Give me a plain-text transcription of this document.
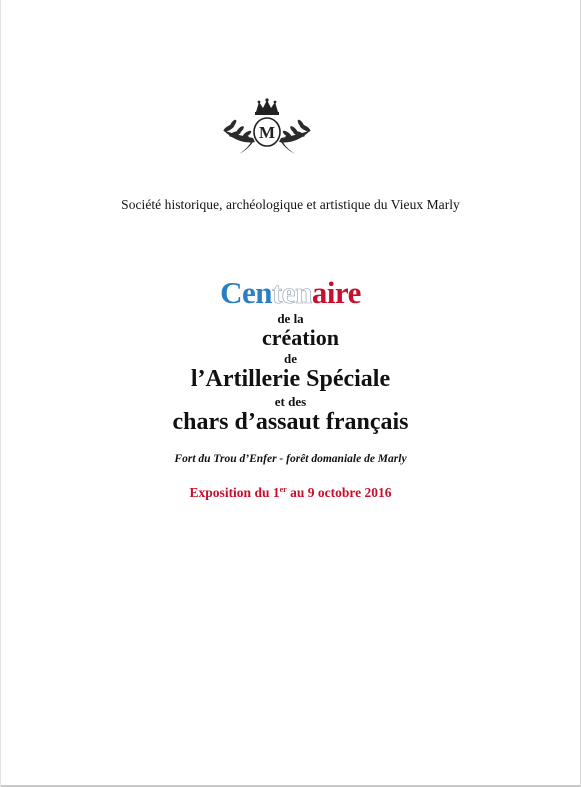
M
Société historique, archéologique et artistique du Vieux Marly
Centenaire
de la
création
de
l’Artillerie Spéciale
et des
chars d’assaut français
Fort du Trou d’Enfer - forêt domaniale de Marly
Exposition du 1er au 9 octobre 2016
